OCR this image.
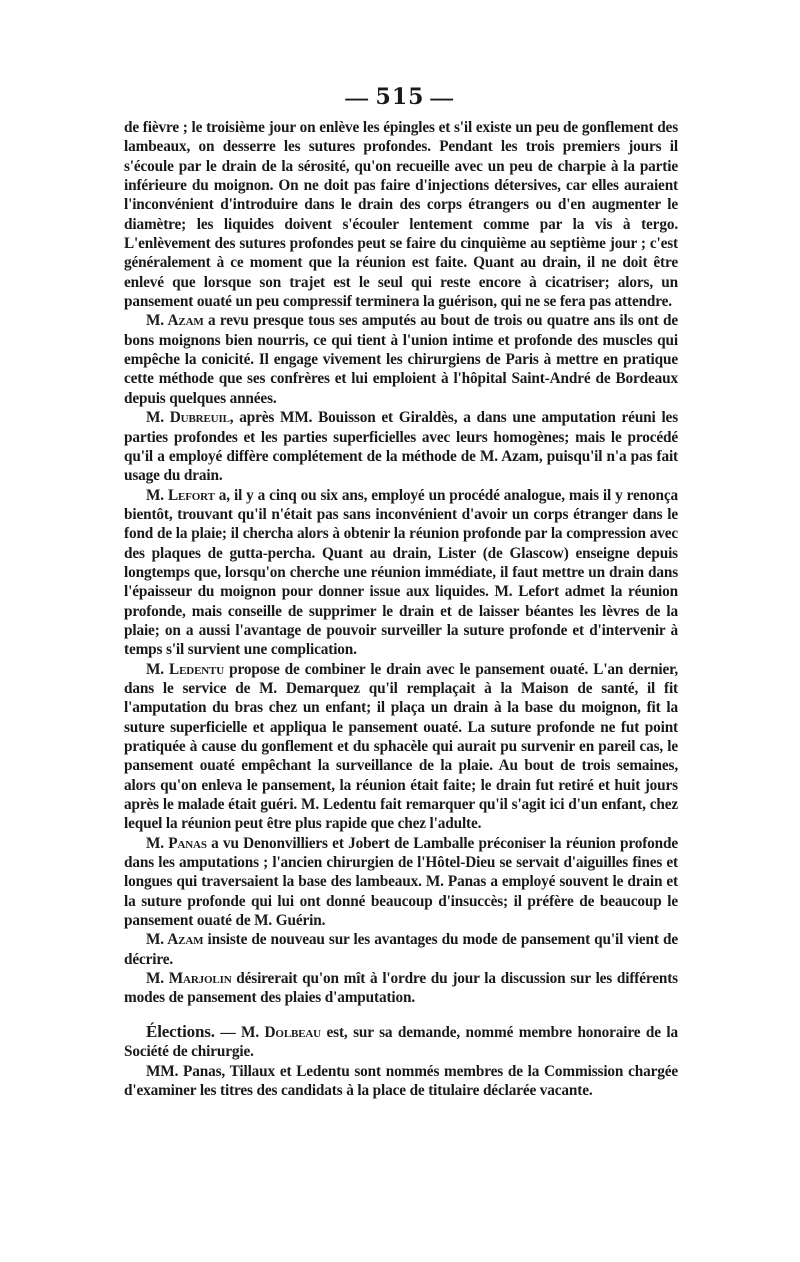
— 515 —

de fièvre ; le troisième jour on enlève les épingles et s'il existe un peu de gonflement des lambeaux, on desserre les sutures profondes. Pendant les trois premiers jours il s'écoule par le drain de la sérosité, qu'on recueille avec un peu de charpie à la partie inférieure du moignon. On ne doit pas faire d'injections détersives, car elles auraient l'inconvénient d'introduire dans le drain des corps étrangers ou d'en augmenter le diamètre; les liquides doivent s'écouler lentement comme par la vis à tergo. L'enlèvement des sutures profondes peut se faire du cinquième au septième jour ; c'est généralement à ce moment que la réunion est faite. Quant au drain, il ne doit être enlevé que lorsque son trajet est le seul qui reste encore à cicatriser; alors, un pansement ouaté un peu compressif terminera la guérison, qui ne se fera pas attendre.

M. Azam a revu presque tous ses amputés au bout de trois ou quatre ans ils ont de bons moignons bien nourris, ce qui tient à l'union intime et profonde des muscles qui empêche la conicité. Il engage vivement les chirurgiens de Paris à mettre en pratique cette méthode que ses confrères et lui emploient à l'hôpital Saint-André de Bordeaux depuis quelques années.

M. Dubreuil, après MM. Bouisson et Giraldès, a dans une amputation réuni les parties profondes et les parties superficielles avec leurs homogènes; mais le procédé qu'il a employé diffère complétement de la méthode de M. Azam, puisqu'il n'a pas fait usage du drain.

M. Lefort a, il y a cinq ou six ans, employé un procédé analogue, mais il y renonça bientôt, trouvant qu'il n'était pas sans inconvénient d'avoir un corps étranger dans le fond de la plaie; il chercha alors à obtenir la réunion profonde par la compression avec des plaques de gutta-percha. Quant au drain, Lister (de Glascow) enseigne depuis longtemps que, lorsqu'on cherche une réunion immédiate, il faut mettre un drain dans l'épaisseur du moignon pour donner issue aux liquides. M. Lefort admet la réunion profonde, mais conseille de supprimer le drain et de laisser béantes les lèvres de la plaie; on a aussi l'avantage de pouvoir surveiller la suture profonde et d'intervenir à temps s'il survient une complication.

M. Ledentu propose de combiner le drain avec le pansement ouaté. L'an dernier, dans le service de M. Demarquez qu'il remplaçait à la Maison de santé, il fit l'amputation du bras chez un enfant; il plaça un drain à la base du moignon, fit la suture superficielle et appliqua le pansement ouaté. La suture profonde ne fut point pratiquée à cause du gonflement et du sphacèle qui aurait pu survenir en pareil cas, le pansement ouaté empêchant la surveillance de la plaie. Au bout de trois semaines, alors qu'on enleva le pansement, la réunion était faite; le drain fut retiré et huit jours après le malade était guéri. M. Ledentu fait remarquer qu'il s'agit ici d'un enfant, chez lequel la réunion peut être plus rapide que chez l'adulte.

M. Panas a vu Denonvilliers et Jobert de Lamballe préconiser la réunion profonde dans les amputations ; l'ancien chirurgien de l'Hôtel-Dieu se servait d'aiguilles fines et longues qui traversaient la base des lambeaux. M. Panas a employé souvent le drain et la suture profonde qui lui ont donné beaucoup d'insuccès; il préfère de beaucoup le pansement ouaté de M. Guérin.

M. Azam insiste de nouveau sur les avantages du mode de pansement qu'il vient de décrire.

M. Marjolin désirerait qu'on mît à l'ordre du jour la discussion sur les différents modes de pansement des plaies d'amputation.

Élections. — M. Dolbeau est, sur sa demande, nommé membre honoraire de la Société de chirurgie.

MM. Panas, Tillaux et Ledentu sont nommés membres de la Commission chargée d'examiner les titres des candidats à la place de titulaire déclarée vacante.
